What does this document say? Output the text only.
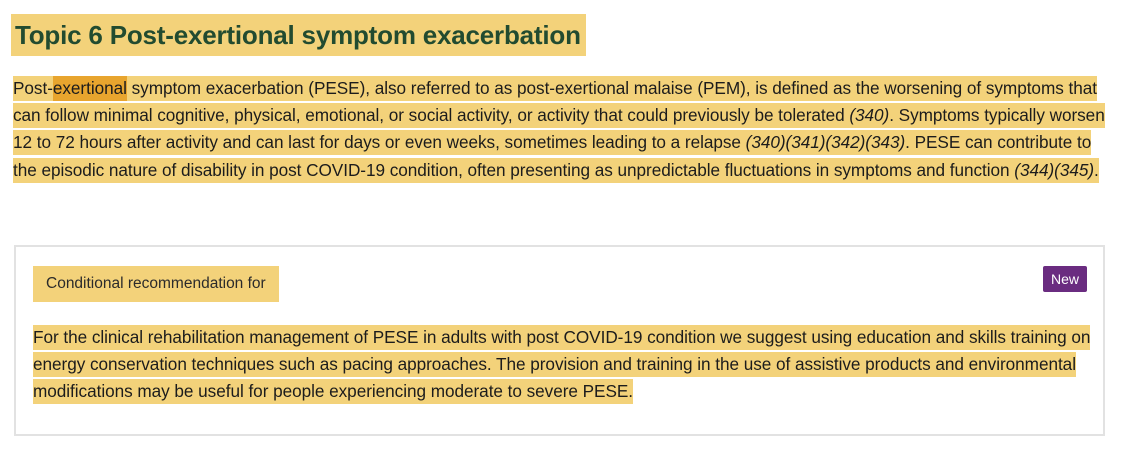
Topic 6 Post-exertional symptom exacerbation

Post-exertional symptom exacerbation (PESE), also referred to as post-exertional malaise (PEM), is defined as the worsening of symptoms that can follow minimal cognitive, physical, emotional, or social activity, or activity that could previously be tolerated (340). Symptoms typically worsen 12 to 72 hours after activity and can last for days or even weeks, sometimes leading to a relapse (340)(341)(342)(343). PESE can contribute to the episodic nature of disability in post COVID-19 condition, often presenting as unpredictable fluctuations in symptoms and function (344)(345).

Conditional recommendation for	New

For the clinical rehabilitation management of PESE in adults with post COVID-19 condition we suggest using education and skills training on energy conservation techniques such as pacing approaches. The provision and training in the use of assistive products and environmental modifications may be useful for people experiencing moderate to severe PESE.
